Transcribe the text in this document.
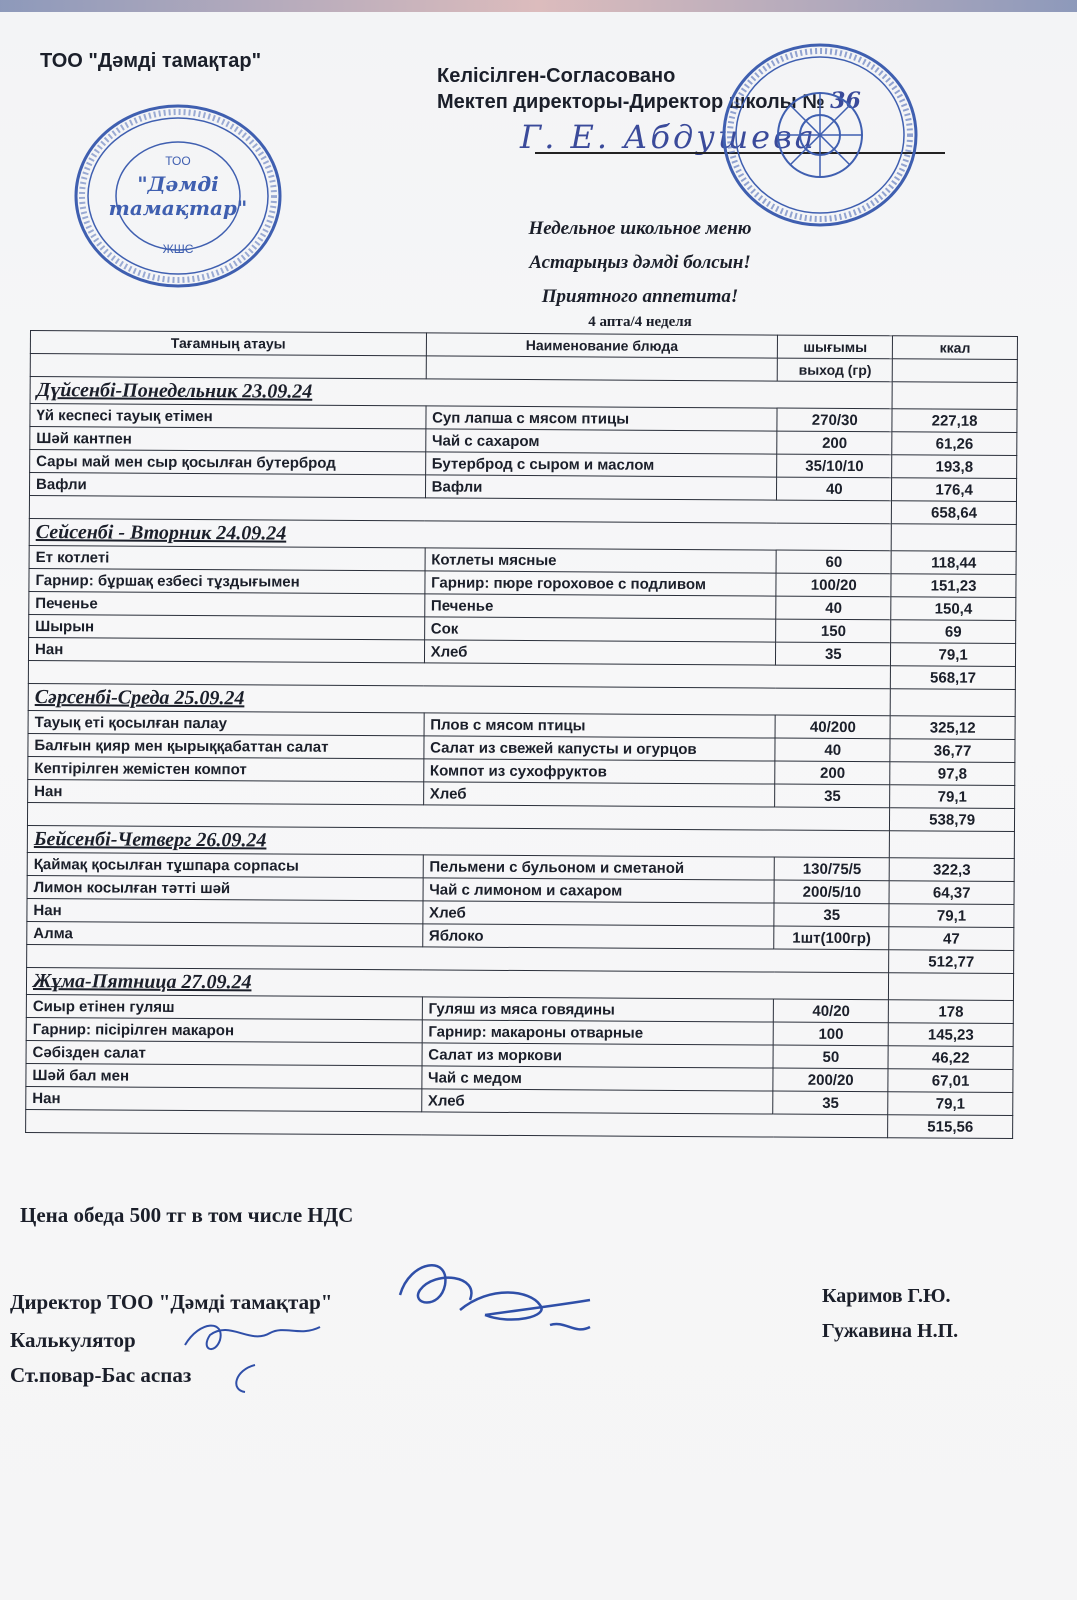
ТОО "Дәмді тамақтар"
Келісілген-Согласовано
Мектеп директоры-Директор школы № 36
Г. Е. Абдушева
ТОО
"Дәмді
тамақтар"
ЖШС
Недельное школьное меню
Астарыңыз дәмді болсын!
Приятного аппетита!
4 апта/4 неделя
Тағамның атауы	Наименование блюда	шығымы	ккал
		выход (гр)	
Дүйсенбі-Понедельник 23.09.24			
Үй кеспесі тауық етімен	Суп лапша с мясом птицы	270/30	227,18
Шәй кантпен	Чай с сахаром	200	61,26
Сары май мен сыр қосылған бутерброд	Бутерброд с сыром и маслом	35/10/10	193,8
Вафли	Вафли	40	176,4
			658,64
Сейсенбі - Вторник 24.09.24			
Ет котлеті	Котлеты мясные	60	118,44
Гарнир: бұршақ езбесі тұздығымен	Гарнир: пюре гороховое с подливом	100/20	151,23
Печенье	Печенье	40	150,4
Шырын	Сок	150	69
Нан	Хлеб	35	79,1
			568,17
Сәрсенбі-Среда 25.09.24			
Тауық еті қосылған палау	Плов с мясом птицы	40/200	325,12
Балғын қияр мен қырыққабаттан салат	Салат из свежей капусты и огурцов	40	36,77
Кептірілген жемістен компот	Компот из сухофруктов	200	97,8
Нан	Хлеб	35	79,1
			538,79
Бейсенбі-Четверг 26.09.24			
Қаймақ қосылған тұшпара сорпасы	Пельмени с бульоном и сметаной	130/75/5	322,3
Лимон косылған тәтті шәй	Чай с лимоном и сахаром	200/5/10	64,37
Нан	Хлеб	35	79,1
Алма	Яблоко	1шт(100гр)	47
			512,77
Жұма-Пятница 27.09.24			
Сиыр етінен гуляш	Гуляш из мяса говядины	40/20	178
Гарнир: пісірілген макарон	Гарнир: макароны отварные	100	145,23
Сәбізден салат	Салат из моркови	50	46,22
Шәй бал мен	Чай с медом	200/20	67,01
Нан	Хлеб	35	79,1
			515,56
Цена обеда 500 тг в том числе НДС
Директор ТОО "Дәмді тамақтар"
Калькулятор
Ст.повар-Бас аспаз
Каримов Г.Ю.
Гужавина Н.П.
